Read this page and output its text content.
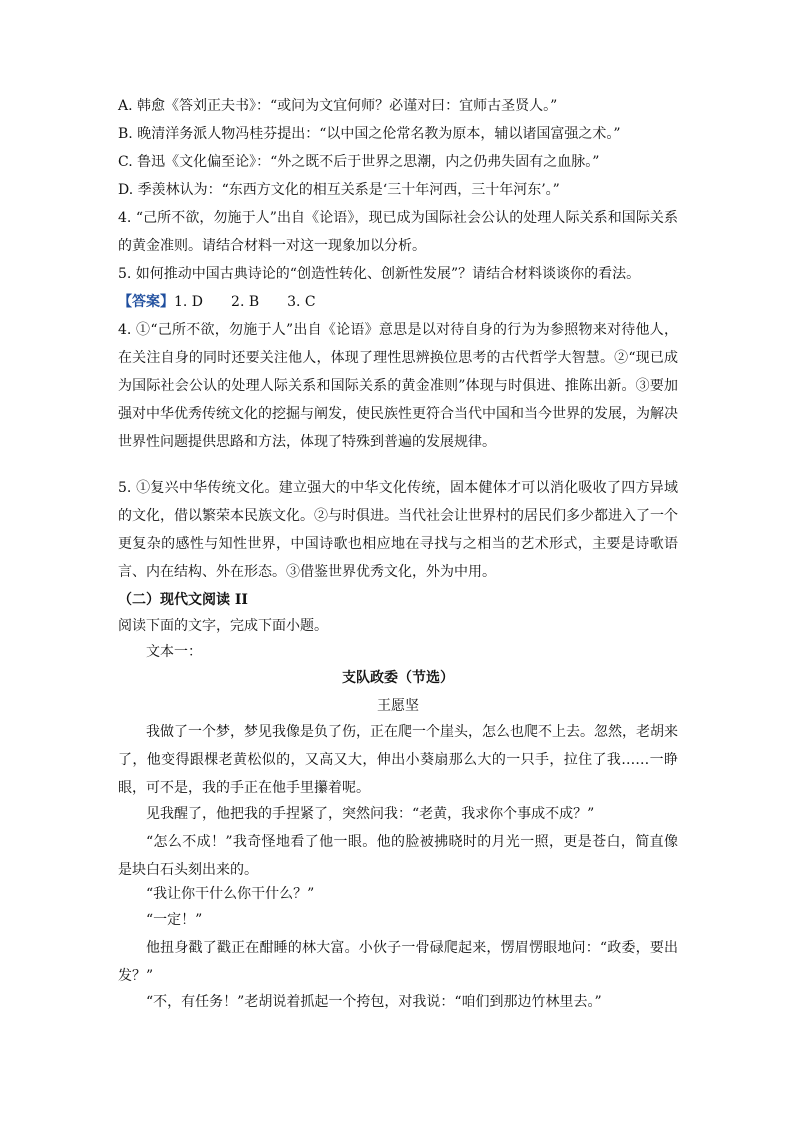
A. 韩愈《答刘正夫书》：“或问为文宜何师？必谨对曰：宜师古圣贤人。”

B. 晚清洋务派人物冯桂芬提出：“以中国之伦常名教为原本，辅以诸国富强之术。”

C. 鲁迅《文化偏至论》：“外之既不后于世界之思潮，内之仍弗失固有之血脉。”

D. 季羡林认为：“东西方文化的相互关系是‘三十年河西，三十年河东’。”

4. “己所不欲，勿施于人”出自《论语》，现已成为国际社会公认的处理人际关系和国际关系的黄金准则。请结合材料一对这一现象加以分析。

5. 如何推动中国古典诗论的“创造性转化、创新性发展”？请结合材料谈谈你的看法。

【答案】1. D　　2. B　　3. C

4. ①“己所不欲，勿施于人”出自《论语》意思是以对待自身的行为为参照物来对待他人，在关注自身的同时还要关注他人，体现了理性思辨换位思考的古代哲学大智慧。②“现已成为国际社会公认的处理人际关系和国际关系的黄金准则”体现与时俱进、推陈出新。③要加强对中华优秀传统文化的挖掘与阐发，使民族性更符合当代中国和当今世界的发展，为解决世界性问题提供思路和方法，体现了特殊到普遍的发展规律。

5. ①复兴中华传统文化。建立强大的中华文化传统，固本健体才可以消化吸收了四方异域的文化，借以繁荣本民族文化。②与时俱进。当代社会让世界村的居民们多少都进入了一个更复杂的感性与知性世界，中国诗歌也相应地在寻找与之相当的艺术形式，主要是诗歌语言、内在结构、外在形态。③借鉴世界优秀文化，外为中用。

（二）现代文阅读 II

阅读下面的文字，完成下面小题。

文本一：

支队政委（节选）

王愿坚

我做了一个梦，梦见我像是负了伤，正在爬一个崖头，怎么也爬不上去。忽然，老胡来了，他变得跟棵老黄松似的，又高又大，伸出小葵扇那么大的一只手，拉住了我……一睁眼，可不是，我的手正在他手里攥着呢。

见我醒了，他把我的手捏紧了，突然问我：“老黄，我求你个事成不成？”

“怎么不成！”我奇怪地看了他一眼。他的脸被拂晓时的月光一照，更是苍白，简直像是块白石头刻出来的。

“我让你干什么你干什么？”

“一定！”

他扭身戳了戳正在酣睡的林大富。小伙子一骨碌爬起来，愣眉愣眼地问：“政委，要出发？”

“不，有任务！”老胡说着抓起一个挎包，对我说：“咱们到那边竹林里去。”
